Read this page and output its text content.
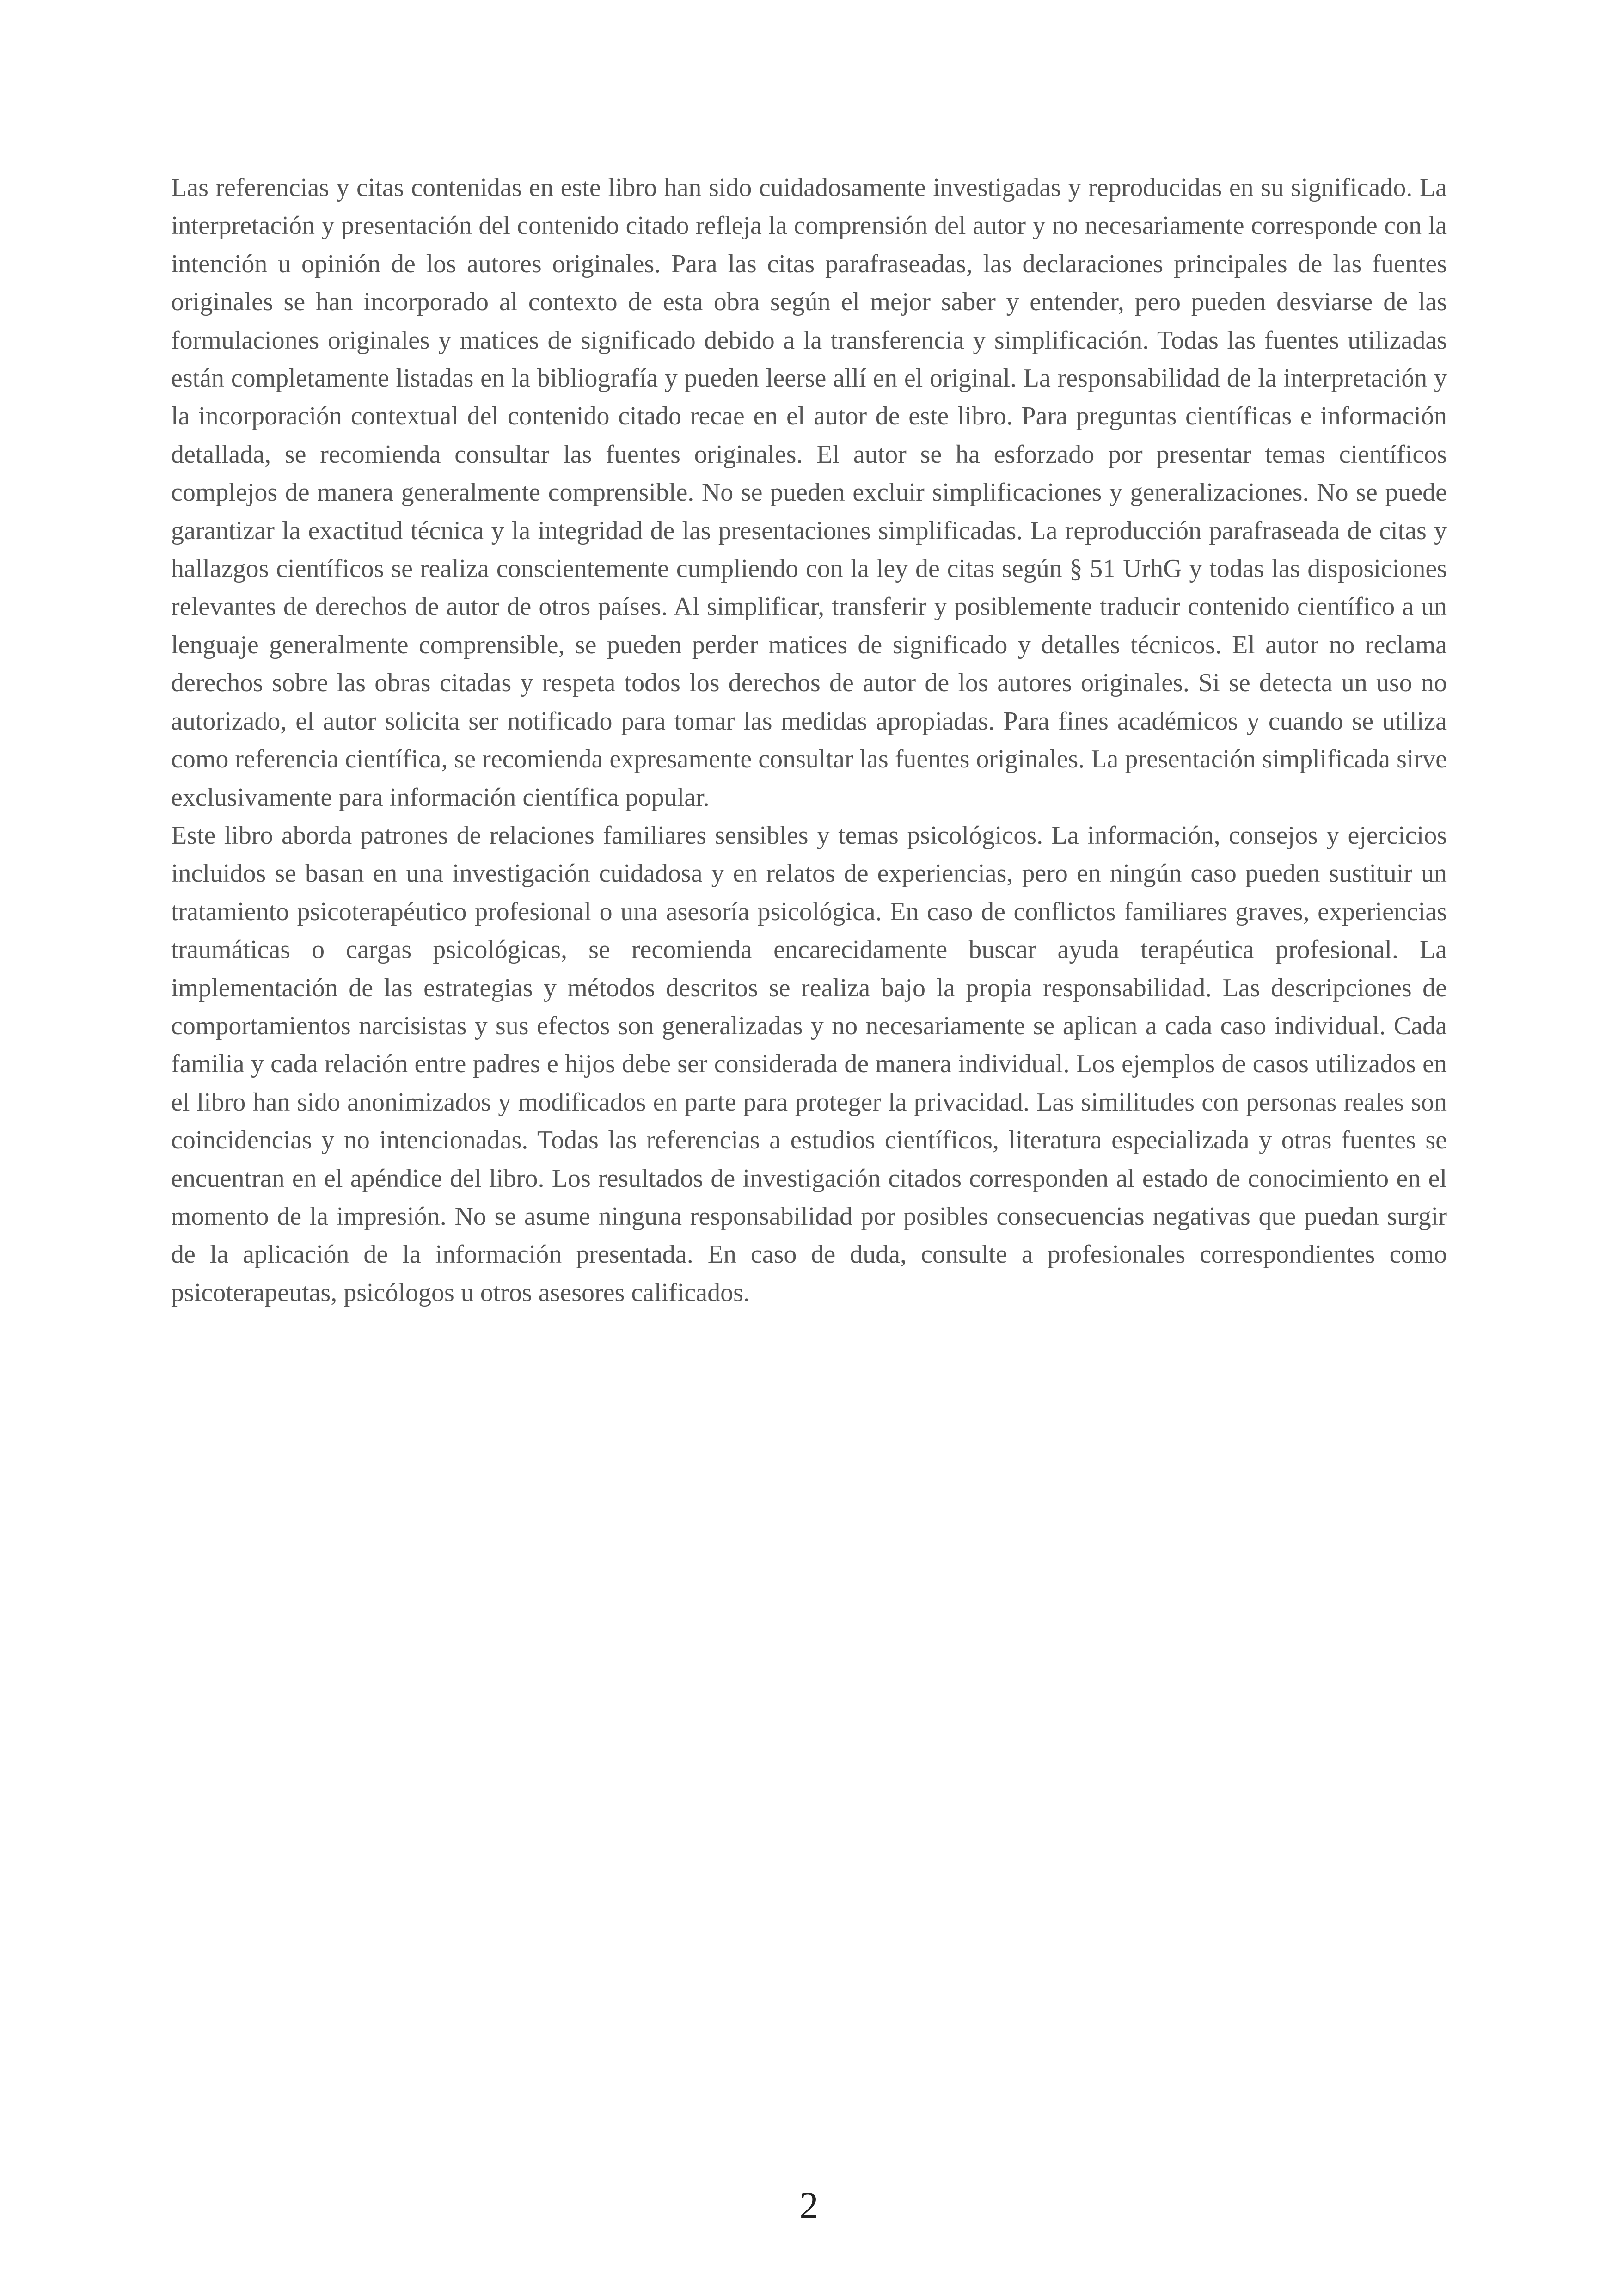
Las referencias y citas contenidas en este libro han sido cuidadosamente investigadas y reproducidas en su significado. La interpretación y presentación del contenido citado refleja la comprensión del autor y no necesariamente corresponde con la intención u opinión de los autores originales. Para las citas parafraseadas, las declaraciones principales de las fuentes originales se han incorporado al contexto de esta obra según el mejor saber y entender, pero pueden desviarse de las formulaciones originales y matices de significado debido a la transferencia y simplificación. Todas las fuentes utilizadas están completamente listadas en la bibliografía y pueden leerse allí en el original. La responsabilidad de la interpretación y la incorporación contextual del contenido citado recae en el autor de este libro. Para preguntas científicas e información detallada, se recomienda consultar las fuentes originales. El autor se ha esforzado por presentar temas científicos complejos de manera generalmente comprensible. No se pueden excluir simplificaciones y generalizaciones. No se puede garantizar la exactitud técnica y la integridad de las presentaciones simplificadas. La reproducción parafraseada de citas y hallazgos científicos se realiza conscientemente cumpliendo con la ley de citas según § 51 UrhG y todas las disposiciones relevantes de derechos de autor de otros países. Al simplificar, transferir y posiblemente traducir contenido científico a un lenguaje generalmente comprensible, se pueden perder matices de significado y detalles técnicos. El autor no reclama derechos sobre las obras citadas y respeta todos los derechos de autor de los autores originales. Si se detecta un uso no autorizado, el autor solicita ser notificado para tomar las medidas apropiadas. Para fines académicos y cuando se utiliza como referencia científica, se recomienda expresamente consultar las fuentes originales. La presentación simplificada sirve exclusivamente para información científica popular.

Este libro aborda patrones de relaciones familiares sensibles y temas psicológicos. La información, consejos y ejercicios incluidos se basan en una investigación cuidadosa y en relatos de experiencias, pero en ningún caso pueden sustituir un tratamiento psicoterapéutico profesional o una asesoría psicológica. En caso de conflictos familiares graves, experiencias traumáticas o cargas psicológicas, se recomienda encarecidamente buscar ayuda terapéutica profesional. La implementación de las estrategias y métodos descritos se realiza bajo la propia responsabilidad. Las descripciones de comportamientos narcisistas y sus efectos son generalizadas y no necesariamente se aplican a cada caso individual. Cada familia y cada relación entre padres e hijos debe ser considerada de manera individual. Los ejemplos de casos utilizados en el libro han sido anonimizados y modificados en parte para proteger la privacidad. Las similitudes con personas reales son coincidencias y no intencionadas. Todas las referencias a estudios científicos, literatura especializada y otras fuentes se encuentran en el apéndice del libro. Los resultados de investigación citados corresponden al estado de conocimiento en el momento de la impresión. No se asume ninguna responsabilidad por posibles consecuencias negativas que puedan surgir de la aplicación de la información presentada. En caso de duda, consulte a profesionales correspondientes como psicoterapeutas, psicólogos u otros asesores calificados.

2
